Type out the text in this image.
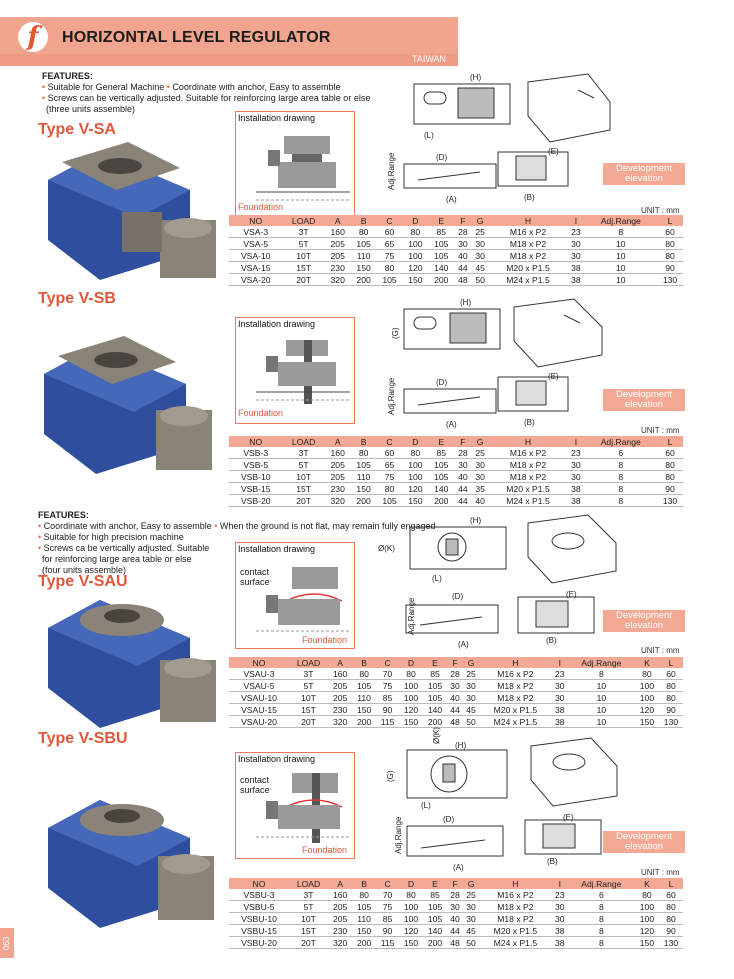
f	HORIZONTAL LEVEL REGULATOR
TAIWAN
FEATURES:
• Suitable for General Machine • Coordinate with anchor, Easy to assemble
• Screws can be vertically adjusted. Suitable for reinforcing large area table or else
(three units assemble)
FEATURES:
• Coordinate with anchor, Easy to assemble • When the ground is not flat, may remain fully engaged
• Suitable for high precision machine
• Screws ca be vertically adjusted. Suitable
for reinforcing large area table or else
(four units assemble)
Type V-SA
Installation drawing
Foundation
(H)
(L)
(D)
(A)
(E)
(B)
Adj.Range	Development
elevation
UNIT : mm
NO	LOAD	A	B	C	D	E	F	G	H	I	Adj.Range	L
VSA-3	3T	160	80	60	80	85	28	25	M16 x P2	23	8	60
VSA-5	5T	205	105	65	100	105	30	30	M18 x P2	30	10	80
VSA-10	10T	205	110	75	100	105	40	30	M18 x P2	30	10	80
VSA-15	15T	230	150	80	120	140	44	45	M20 x P1.5	38	10	90
VSA-20	20T	320	200	105	150	200	48	50	M24 x P1.5	38	10	130
Type V-SB
Installation drawing
Foundation
(H)
(G)
(D)
(A)
(E)
(B)
Adj.Range	Development
elevation
UNIT : mm
NO	LOAD	A	B	C	D	E	F	G	H	I	Adj.Range	L
VSB-3	3T	160	80	60	80	85	28	25	M16 x P2	23	6	60
VSB-5	5T	205	105	65	100	105	30	30	M18 x P2	30	8	80
VSB-10	10T	205	110	75	100	105	40	30	M18 x P2	30	8	80
VSB-15	15T	230	150	80	120	140	44	35	M20 x P1.5	38	8	90
VSB-20	20T	320	200	105	150	200	44	40	M24 x P1.5	38	8	130
Type V-SAU
Installation drawing
contact
surface
Foundation
(H)
Ø(K)
(L)
(D)
(A)
(E)
(B)
Adj.Range	Development
elevation
UNIT : mm
NO	LOAD	A	B	C	D	E	F	G	H	I	Adj.Range	K	L
VSAU-3	3T	160	80	70	80	85	28	25	M16 x P2	23	8	80	60
VSAU-5	5T	205	105	75	100	105	30	30	M18 x P2	30	10	100	80
VSAU-10	10T	205	110	85	100	105	40	30	M18 x P2	30	10	100	80
VSAU-15	15T	230	150	90	120	140	44	45	M20 x P1.5	38	10	120	90
VSAU-20	20T	320	200	115	150	200	48	50	M24 x P1.5	38	10	150	130
Type V-SBU
Installation drawing
contact
surface
Foundation
(H)
Ø(K)
(G)
(L)
(D)
(A)
(E)
(B)
Adj.Range	Development
elevation
UNIT : mm
NO	LOAD	A	B	C	D	E	F	G	H	I	Adj.Range	K	L
VSBU-3	3T	160	80	70	80	85	28	25	M16 x P2	23	6	80	60
VSBU-5	5T	205	105	75	100	105	30	30	M18 x P2	30	8	100	80
VSBU-10	10T	205	110	85	100	105	40	30	M18 x P2	30	8	100	80
VSBU-15	15T	230	150	90	120	140	44	45	M20 x P1.5	38	8	120	90
VSBU-20	20T	320	200	115	150	200	48	50	M24 x P1.5	38	8	150	130
063
